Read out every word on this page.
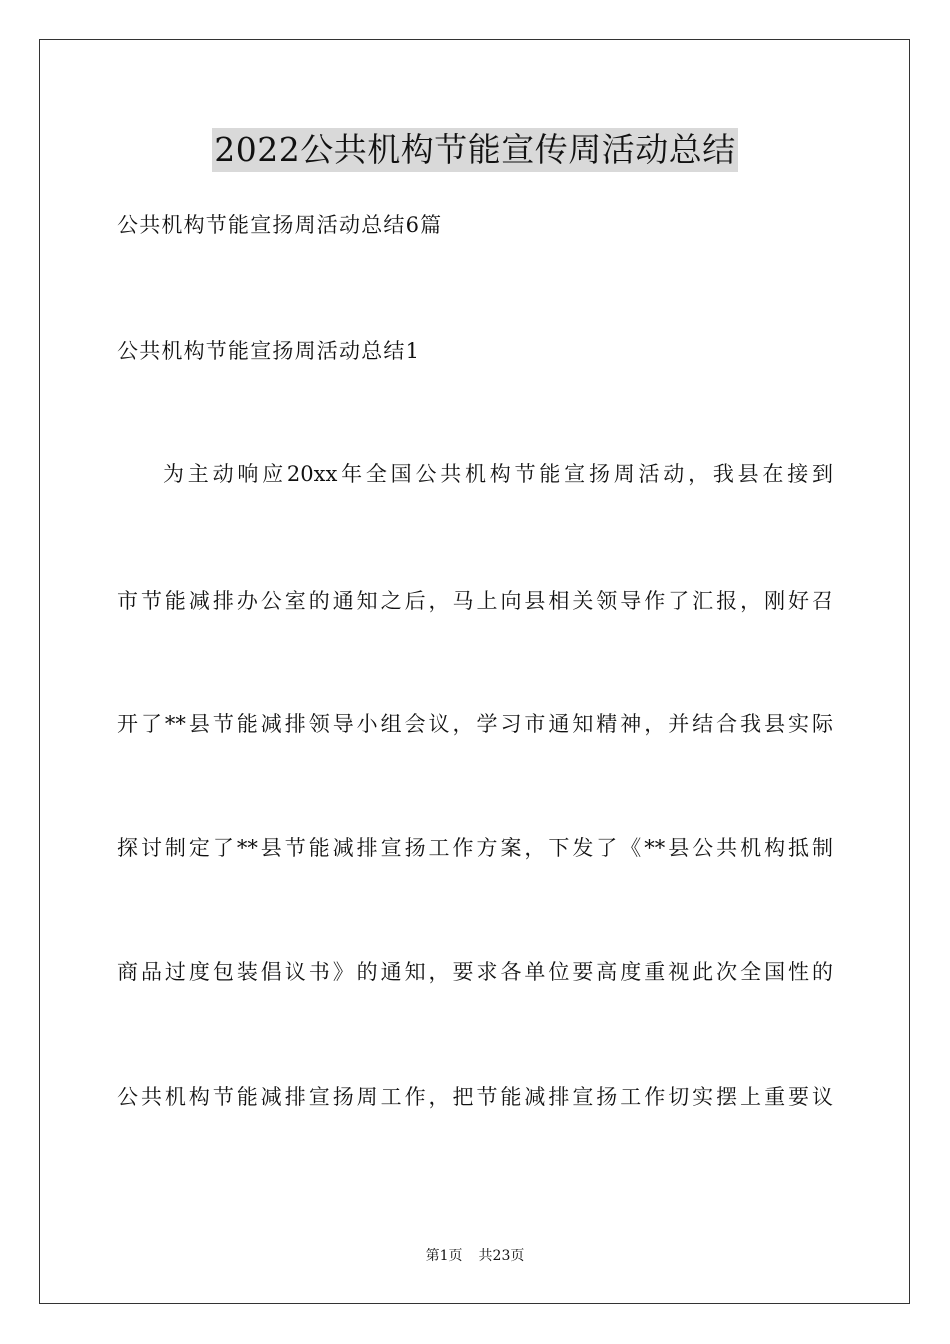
2022公共机构节能宣传周活动总结

公共机构节能宣扬周活动总结6篇

公共机构节能宣扬周活动总结1

为主动响应20xx年全国公共机构节能宣扬周活动，我县在接到

市节能减排办公室的通知之后，马上向县相关领导作了汇报，刚好召

开了**县节能减排领导小组会议，学习市通知精神，并结合我县实际

探讨制定了**县节能减排宣扬工作方案，下发了《**县公共机构抵制

商品过度包装倡议书》的通知，要求各单位要高度重视此次全国性的

公共机构节能减排宣扬周工作，把节能减排宣扬工作切实摆上重要议

第1页 共23页
